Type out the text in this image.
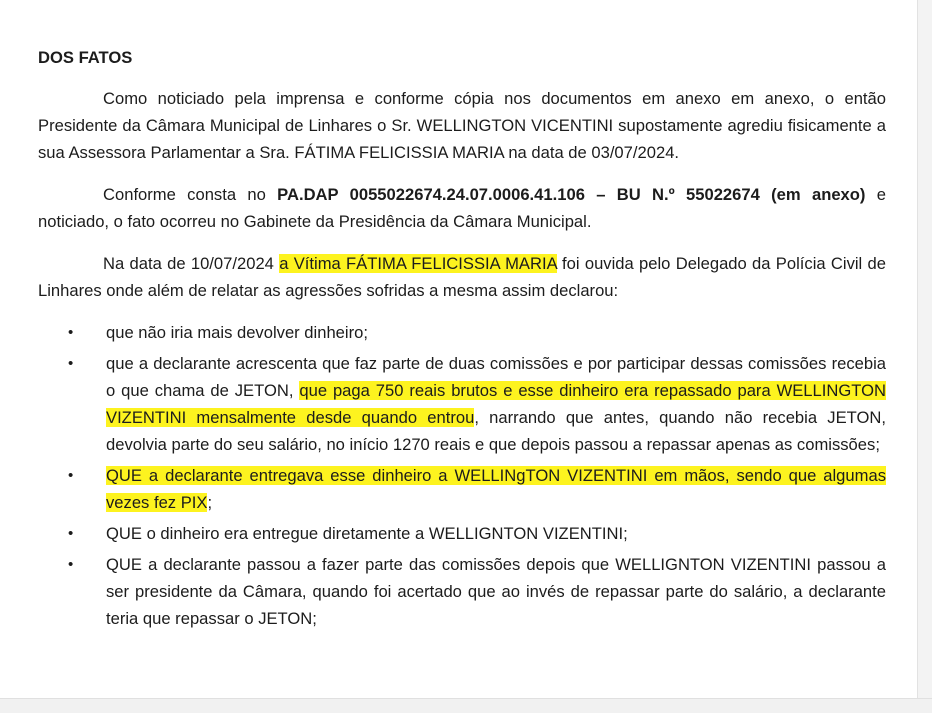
DOS FATOS

Como noticiado pela imprensa e conforme cópia nos documentos em anexo em anexo, o então Presidente da Câmara Municipal de Linhares o Sr. WELLINGTON VICENTINI supostamente agrediu fisicamente a sua Assessora Parlamentar a Sra. FÁTIMA FELICISSIA MARIA na data de 03/07/2024.

Conforme consta no PA.DAP 0055022674.24.07.0006.41.106 – BU N.º 55022674 (em anexo) e noticiado, o fato ocorreu no Gabinete da Presidência da Câmara Municipal.

Na data de 10/07/2024 a Vítima FÁTIMA FELICISSIA MARIA foi ouvida pelo Delegado da Polícia Civil de Linhares onde além de relatar as agressões sofridas a mesma assim declarou:

• que não iria mais devolver dinheiro;
• que a declarante acrescenta que faz parte de duas comissões e por participar dessas comissões recebia o que chama de JETON, que paga 750 reais brutos e esse dinheiro era repassado para WELLINGTON VIZENTINI mensalmente desde quando entrou, narrando que antes, quando não recebia JETON, devolvia parte do seu salário, no início 1270 reais e que depois passou a repassar apenas as comissões;
• QUE a declarante entregava esse dinheiro a WELLINgTON VIZENTINI em mãos, sendo que algumas vezes fez PIX;
• QUE o dinheiro era entregue diretamente a WELLIGNTON VIZENTINI;
• QUE a declarante passou a fazer parte das comissões depois que WELLIGNTON VIZENTINI passou a ser presidente da Câmara, quando foi acertado que ao invés de repassar parte do salário, a declarante teria que repassar o JETON;
